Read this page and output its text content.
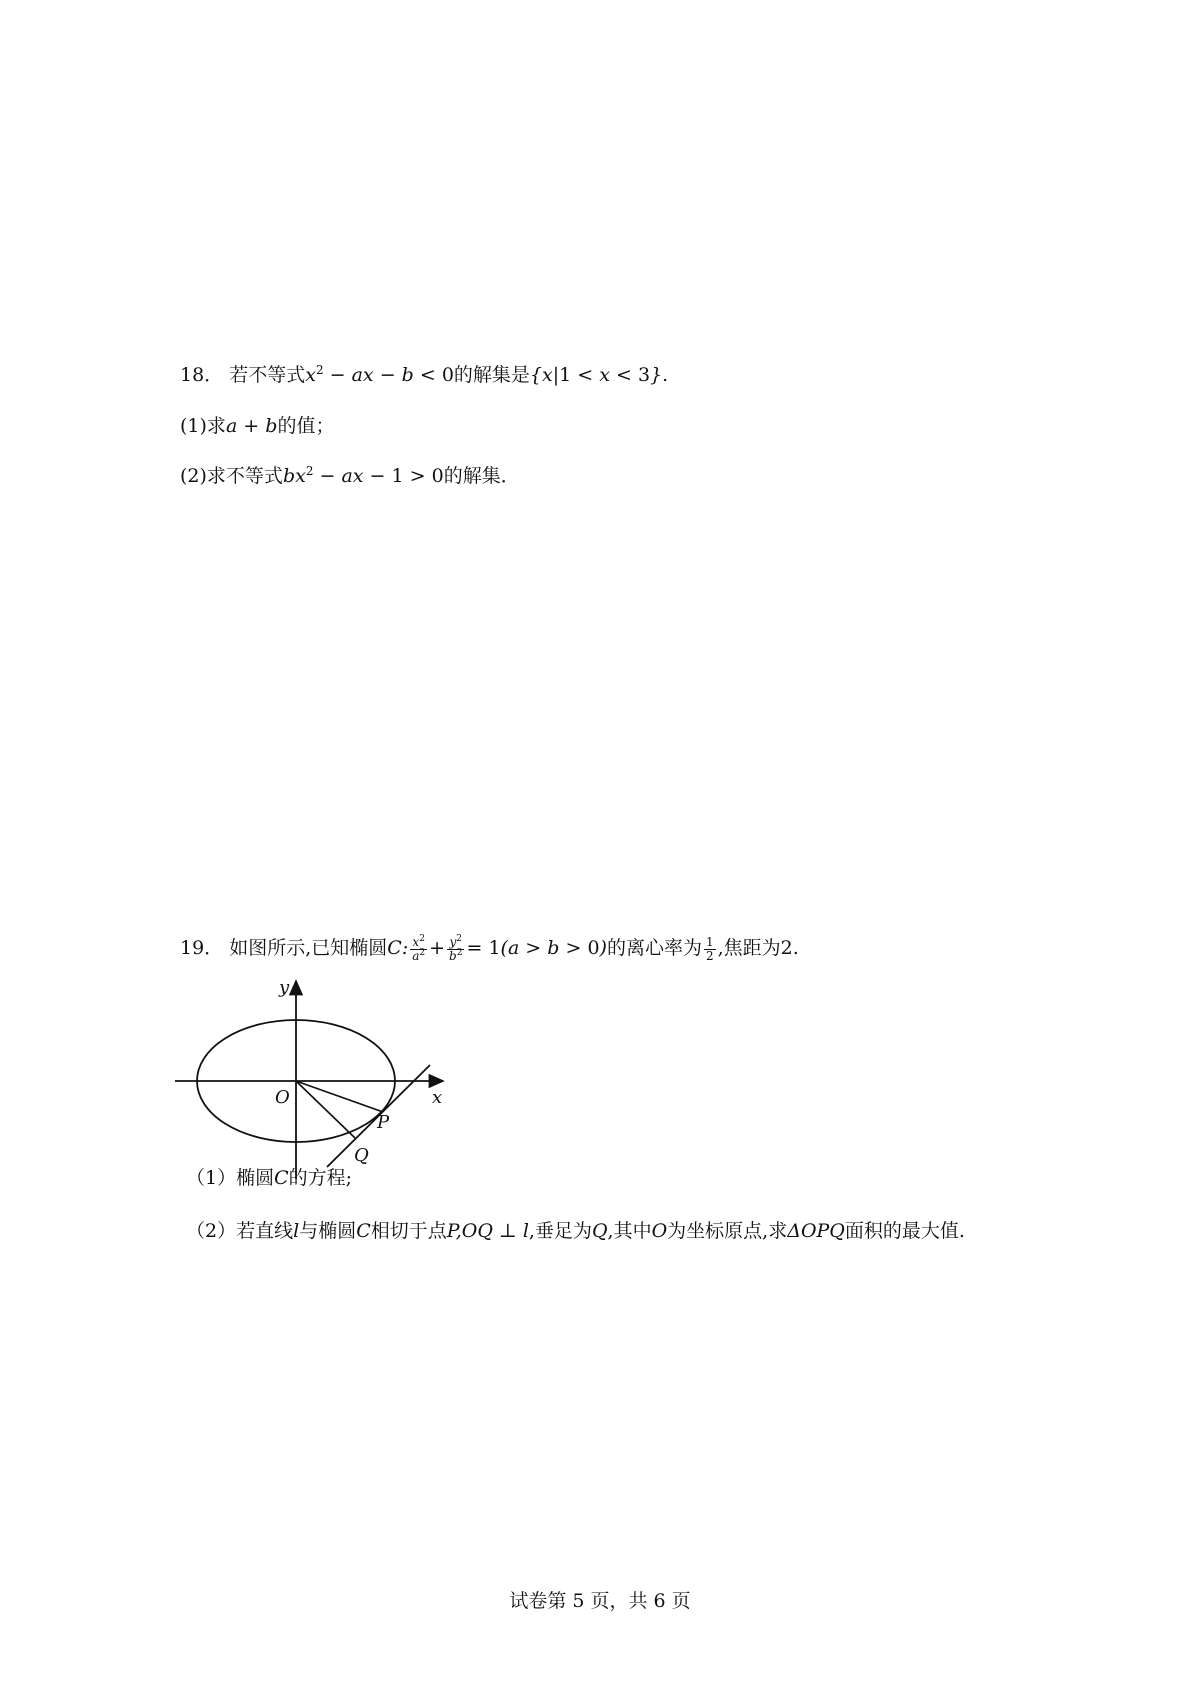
18． 若不等式$x^2$ − ax − b < 0的解集是{x|1 < x < 3}.
(1)求a + b的值；
(2)求不等式$bx^2$ − ax − 1 > 0的解集．
19． 如图所示,已知椭圆C: $\frac{x^2}{a^2} + \frac{y^2}{b^2} = 1(a > b > 0)$的离心率为 $\frac{1}{2}$ ,焦距为2.
y
x
O
P
Q
（1）椭圆C的方程;
（2）若直线l与椭圆C相切于点P,OQ ⊥ l,垂足为Q,其中O为坐标原点,求ΔOPQ面积的最大值.
试卷第 5 页，共 6 页
